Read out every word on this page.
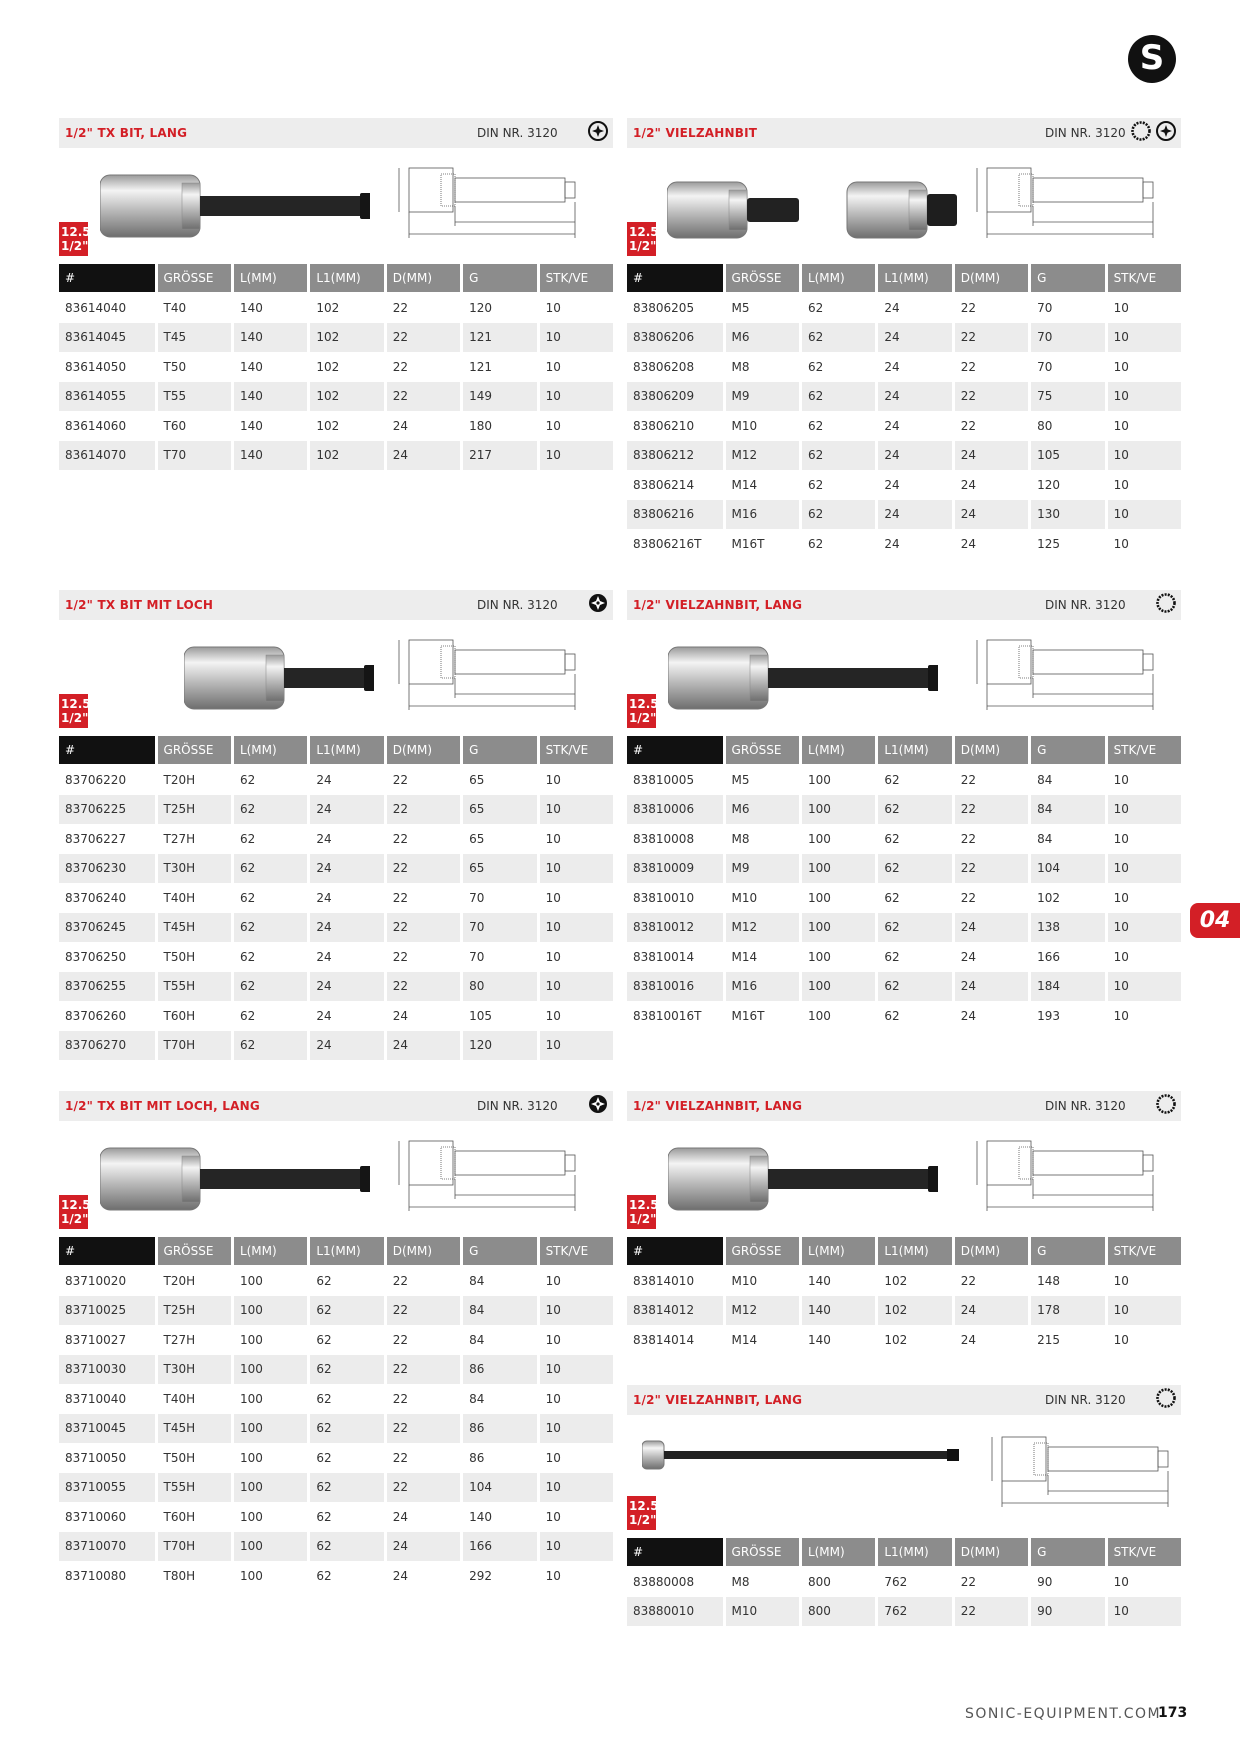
S
1/2" TX BIT, LANG	DIN NR. 3120
12.5
1/2"
#	GRÖSSE	L(MM)	L1(MM)	D(MM)	G	STK/VE
83614040	T40	140	102	22	120	10
83614045	T45	140	102	22	121	10
83614050	T50	140	102	22	121	10
83614055	T55	140	102	22	149	10
83614060	T60	140	102	24	180	10
83614070	T70	140	102	24	217	10
1/2" VIELZAHNBIT	DIN NR. 3120
12.5
1/2"
#	GRÖSSE	L(MM)	L1(MM)	D(MM)	G	STK/VE
83806205	M5	62	24	22	70	10
83806206	M6	62	24	22	70	10
83806208	M8	62	24	22	70	10
83806209	M9	62	24	22	75	10
83806210	M10	62	24	22	80	10
83806212	M12	62	24	24	105	10
83806214	M14	62	24	24	120	10
83806216	M16	62	24	24	130	10
83806216T	M16T	62	24	24	125	10
1/2" TX BIT MIT LOCH	DIN NR. 3120
12.5
1/2"
#	GRÖSSE	L(MM)	L1(MM)	D(MM)	G	STK/VE
83706220	T20H	62	24	22	65	10
83706225	T25H	62	24	22	65	10
83706227	T27H	62	24	22	65	10
83706230	T30H	62	24	22	65	10
83706240	T40H	62	24	22	70	10
83706245	T45H	62	24	22	70	10
83706250	T50H	62	24	22	70	10
83706255	T55H	62	24	22	80	10
83706260	T60H	62	24	24	105	10
83706270	T70H	62	24	24	120	10
1/2" VIELZAHNBIT, LANG	DIN NR. 3120
12.5
1/2"
#	GRÖSSE	L(MM)	L1(MM)	D(MM)	G	STK/VE
83810005	M5	100	62	22	84	10
83810006	M6	100	62	22	84	10
83810008	M8	100	62	22	84	10
83810009	M9	100	62	22	104	10
83810010	M10	100	62	22	102	10
83810012	M12	100	62	24	138	10
83810014	M14	100	62	24	166	10
83810016	M16	100	62	24	184	10
83810016T	M16T	100	62	24	193	10
1/2" TX BIT MIT LOCH, LANG	DIN NR. 3120
12.5
1/2"
#	GRÖSSE	L(MM)	L1(MM)	D(MM)	G	STK/VE
83710020	T20H	100	62	22	84	10
83710025	T25H	100	62	22	84	10
83710027	T27H	100	62	22	84	10
83710030	T30H	100	62	22	86	10
83710040	T40H	100	62	22	84	10
83710045	T45H	100	62	22	86	10
83710050	T50H	100	62	22	86	10
83710055	T55H	100	62	22	104	10
83710060	T60H	100	62	24	140	10
83710070	T70H	100	62	24	166	10
83710080	T80H	100	62	24	292	10
1/2" VIELZAHNBIT, LANG	DIN NR. 3120
12.5
1/2"
#	GRÖSSE	L(MM)	L1(MM)	D(MM)	G	STK/VE
83814010	M10	140	102	22	148	10
83814012	M12	140	102	24	178	10
83814014	M14	140	102	24	215	10
1/2" VIELZAHNBIT, LANG	DIN NR. 3120
12.5
1/2"
#	GRÖSSE	L(MM)	L1(MM)	D(MM)	G	STK/VE
83880008	M8	800	762	22	90	10
83880010	M10	800	762	22	90	10
04
SONIC-EQUIPMENT.COM
173
